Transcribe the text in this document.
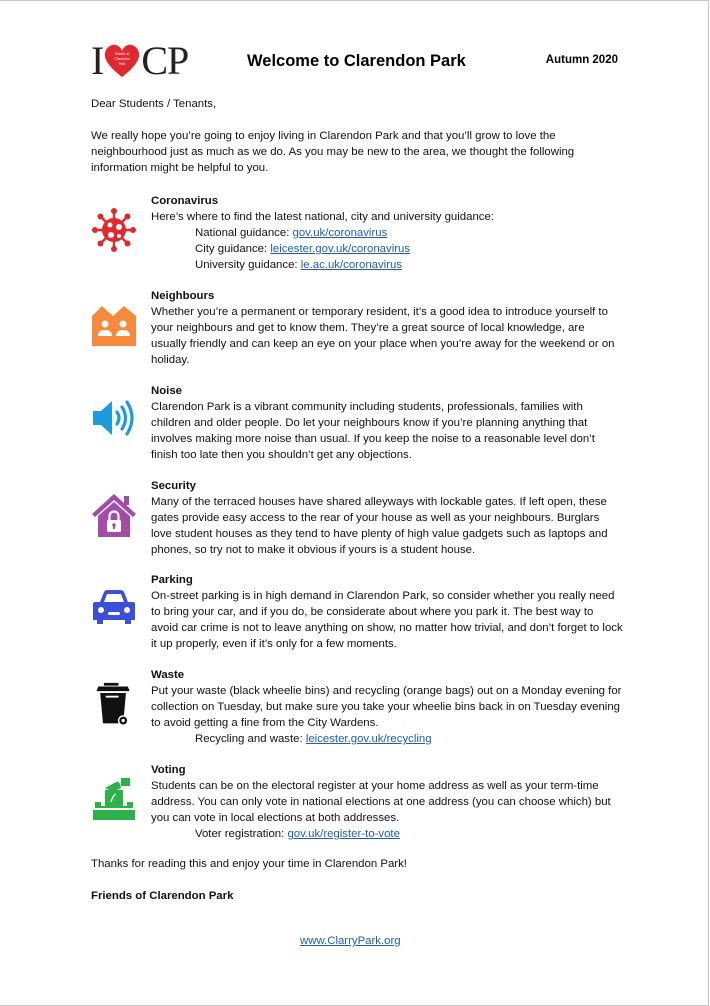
I	Friends of
Clarendon
Park CP	Welcome to Clarendon Park	Autumn 2020
Dear Students / Tenants,
We really hope you’re going to enjoy living in Clarendon Park and that you’ll grow to love the neighbourhood just as much as we do. As you may be new to the area, we thought the following information might be helpful to you.
Coronavirus

Here’s where to find the latest national, city and university guidance:

National guidance: gov.uk/coronavirus

City guidance: leicester.gov.uk/coronavirus

University guidance: le.ac.uk/coronavirus

Neighbours

Whether you’re a permanent or temporary resident, it’s a good idea to introduce yourself to your neighbours and get to know them. They’re a great source of local knowledge, are usually friendly and can keep an eye on your place when you’re away for the weekend or on holiday.

Noise

Clarendon Park is a vibrant community including students, professionals, families with children and older people. Do let your neighbours know if you’re planning anything that involves making more noise than usual. If you keep the noise to a reasonable level don’t finish too late then you shouldn’t get any objections.

Security

Many of the terraced houses have shared alleyways with lockable gates. If left open, these gates provide easy access to the rear of your house as well as your neighbours. Burglars love student houses as they tend to have plenty of high value gadgets such as laptops and phones, so try not to make it obvious if yours is a student house.

Parking

On-street parking is in high demand in Clarendon Park, so consider whether you really need to bring your car, and if you do, be considerate about where you park it. The best way to avoid car crime is not to leave anything on show, no matter how trivial, and don’t forget to lock it up properly, even if it’s only for a few moments.

Waste

Put your waste (black wheelie bins) and recycling (orange bags) out on a Monday evening for collection on Tuesday, but make sure you take your wheelie bins back in on Tuesday evening to avoid getting a fine from the City Wardens.

Recycling and waste: leicester.gov.uk/recycling

Voting

Students can be on the electoral register at your home address as well as your term-time address. You can only vote in national elections at one address (you can choose which) but you can vote in local elections at both addresses.

Voter registration: gov.uk/register-to-vote

Thanks for reading this and enjoy your time in Clarendon Park!
Friends of Clarendon Park
www.ClarryPark.org
